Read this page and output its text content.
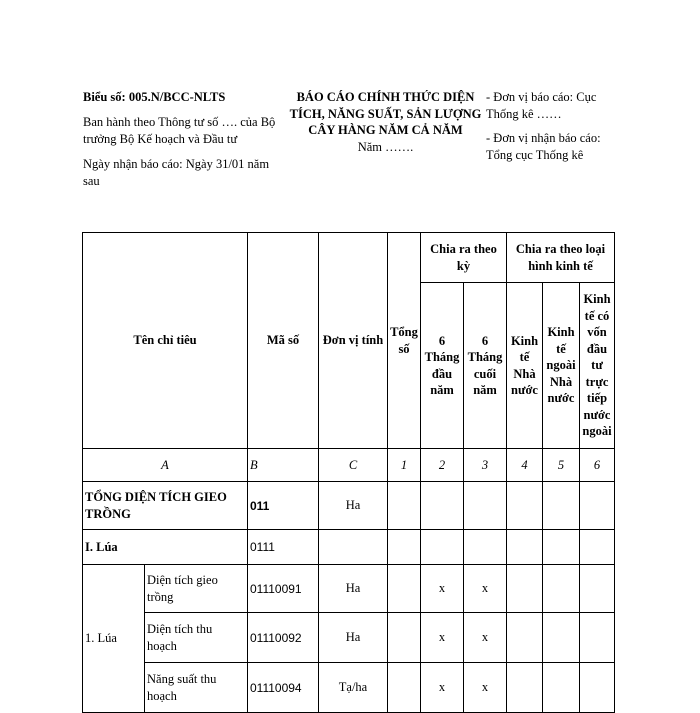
Biểu số: 005.N/BCC-NLTS

Ban hành theo Thông tư số …. của Bộ trưởng Bộ Kế hoạch và Đầu tư

Ngày nhận báo cáo: Ngày 31/01 năm sau

BÁO CÁO CHÍNH THỨC DIỆN TÍCH, NĂNG SUẤT, SẢN LƯỢNG CÂY HÀNG NĂM CẢ NĂM
Năm …….

- Đơn vị báo cáo: Cục Thống kê ……

- Đơn vị nhận báo cáo: Tổng cục Thống kê

Tên chỉ tiêu		Mã số	Đơn vị tính	Tổng số	Chia ra theo kỳ		Chia ra theo loại hình kinh tế		
					6 Tháng đầu năm	6 Tháng cuối năm	Kinh tế Nhà nước	Kinh tế ngoài Nhà nước	Kinh tế có vốn đầu tư trực tiếp nước ngoài
A		B	C	1	2	3	4	5	6
TỔNG DIỆN TÍCH GIEO TRỒNG		011	Ha						
I. Lúa		0111							
1. Lúa	Diện tích gieo trồng	01110091	Ha		x	x			
	Diện tích thu hoạch	01110092	Ha		x	x			
	Năng suất thu hoạch	01110094	Tạ/ha		x	x			
